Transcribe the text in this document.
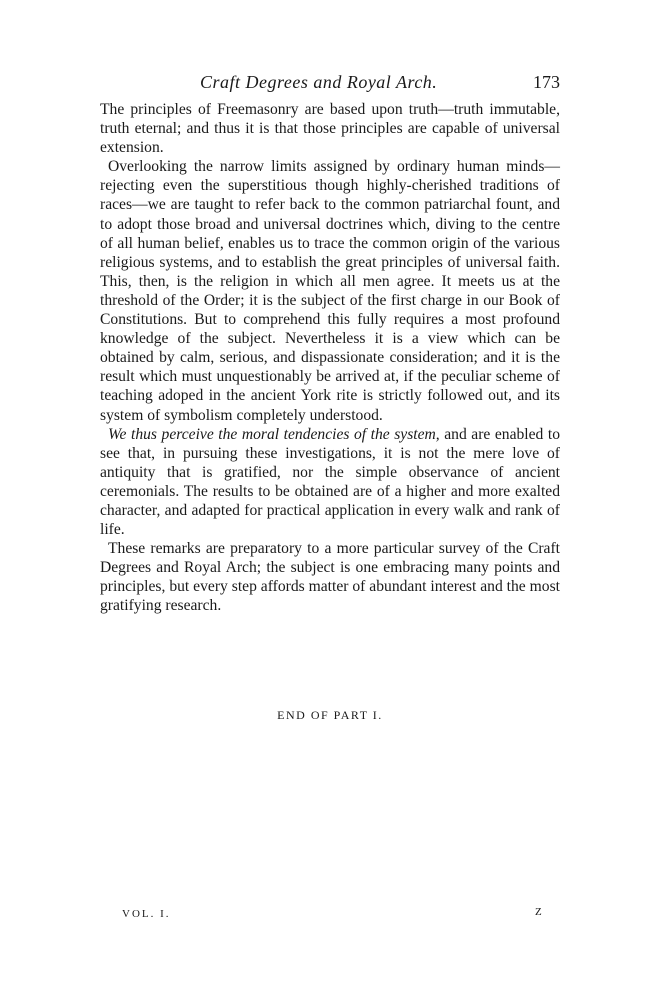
Craft Degrees and Royal Arch.	173

The principles of Freemasonry are based upon truth—truth immutable, truth eternal; and thus it is that those principles are capable of universal extension.

Overlooking the narrow limits assigned by ordinary human minds—rejecting even the superstitious though highly-cherished traditions of races—we are taught to refer back to the common patriarchal fount, and to adopt those broad and universal doctrines which, diving to the centre of all human belief, enables us to trace the common origin of the various religious systems, and to establish the great principles of universal faith. This, then, is the religion in which all men agree. It meets us at the threshold of the Order; it is the subject of the first charge in our Book of Constitutions. But to comprehend this fully requires a most profound knowledge of the subject. Nevertheless it is a view which can be obtained by calm, serious, and dispassionate consideration; and it is the result which must unquestionably be arrived at, if the peculiar scheme of teaching adoped in the ancient York rite is strictly followed out, and its system of symbolism completely understood.

We thus perceive the moral tendencies of the system, and are enabled to see that, in pursuing these investigations, it is not the mere love of antiquity that is gratified, nor the simple observance of ancient ceremonials. The results to be obtained are of a higher and more exalted character, and adapted for practical application in every walk and rank of life.

These remarks are preparatory to a more particular survey of the Craft Degrees and Royal Arch; the subject is one embracing many points and principles, but every step affords matter of abundant interest and the most gratifying research.

END OF PART I.
VOL. I.	Z
